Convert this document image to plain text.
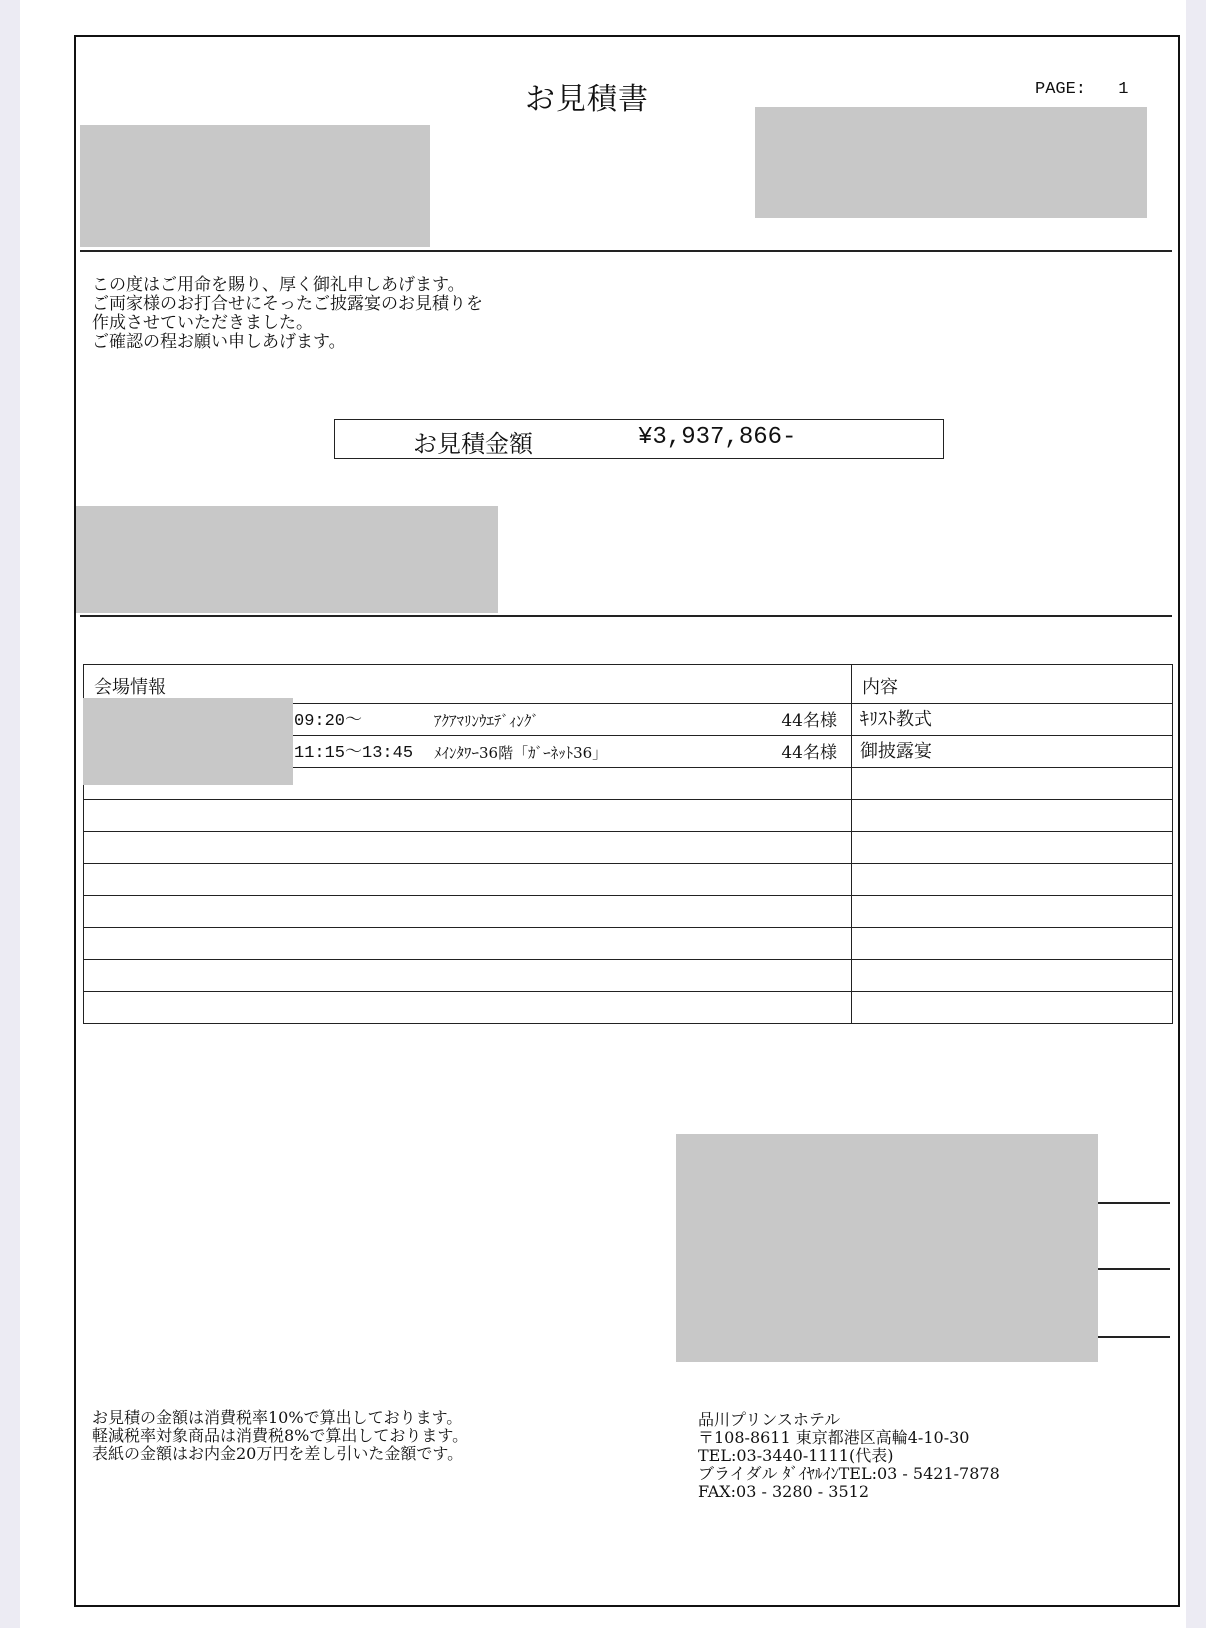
お見積書	PAGE: 1
この度はご用命を賜り、厚く御礼申しあげます。
ご両家様のお打合せにそったご披露宴のお見積りを
作成させていただきました。
ご確認の程お願い申しあげます。
お見積金額	¥3,937,866-
会場情報	内容

09:20～ ｱｸｱﾏﾘﾝｳｴﾃﾞｨﾝｸﾞ 44名様	ｷﾘｽﾄ教式

11:15～13:45 ﾒｲﾝﾀﾜｰ36階「ｶﾞｰﾈｯﾄ36」 44名様	御披露宴

お見積の金額は消費税率10%で算出しております。
軽減税率対象商品は消費税8%で算出しております。
表紙の金額はお内金20万円を差し引いた金額です。
品川プリンスホテル
〒108-8611 東京都港区高輪4-10-30
TEL:03-3440-1111(代表)
ブライダル ﾀﾞｲﾔﾙｲﾝTEL:03 - 5421-7878
FAX:03 - 3280 - 3512
